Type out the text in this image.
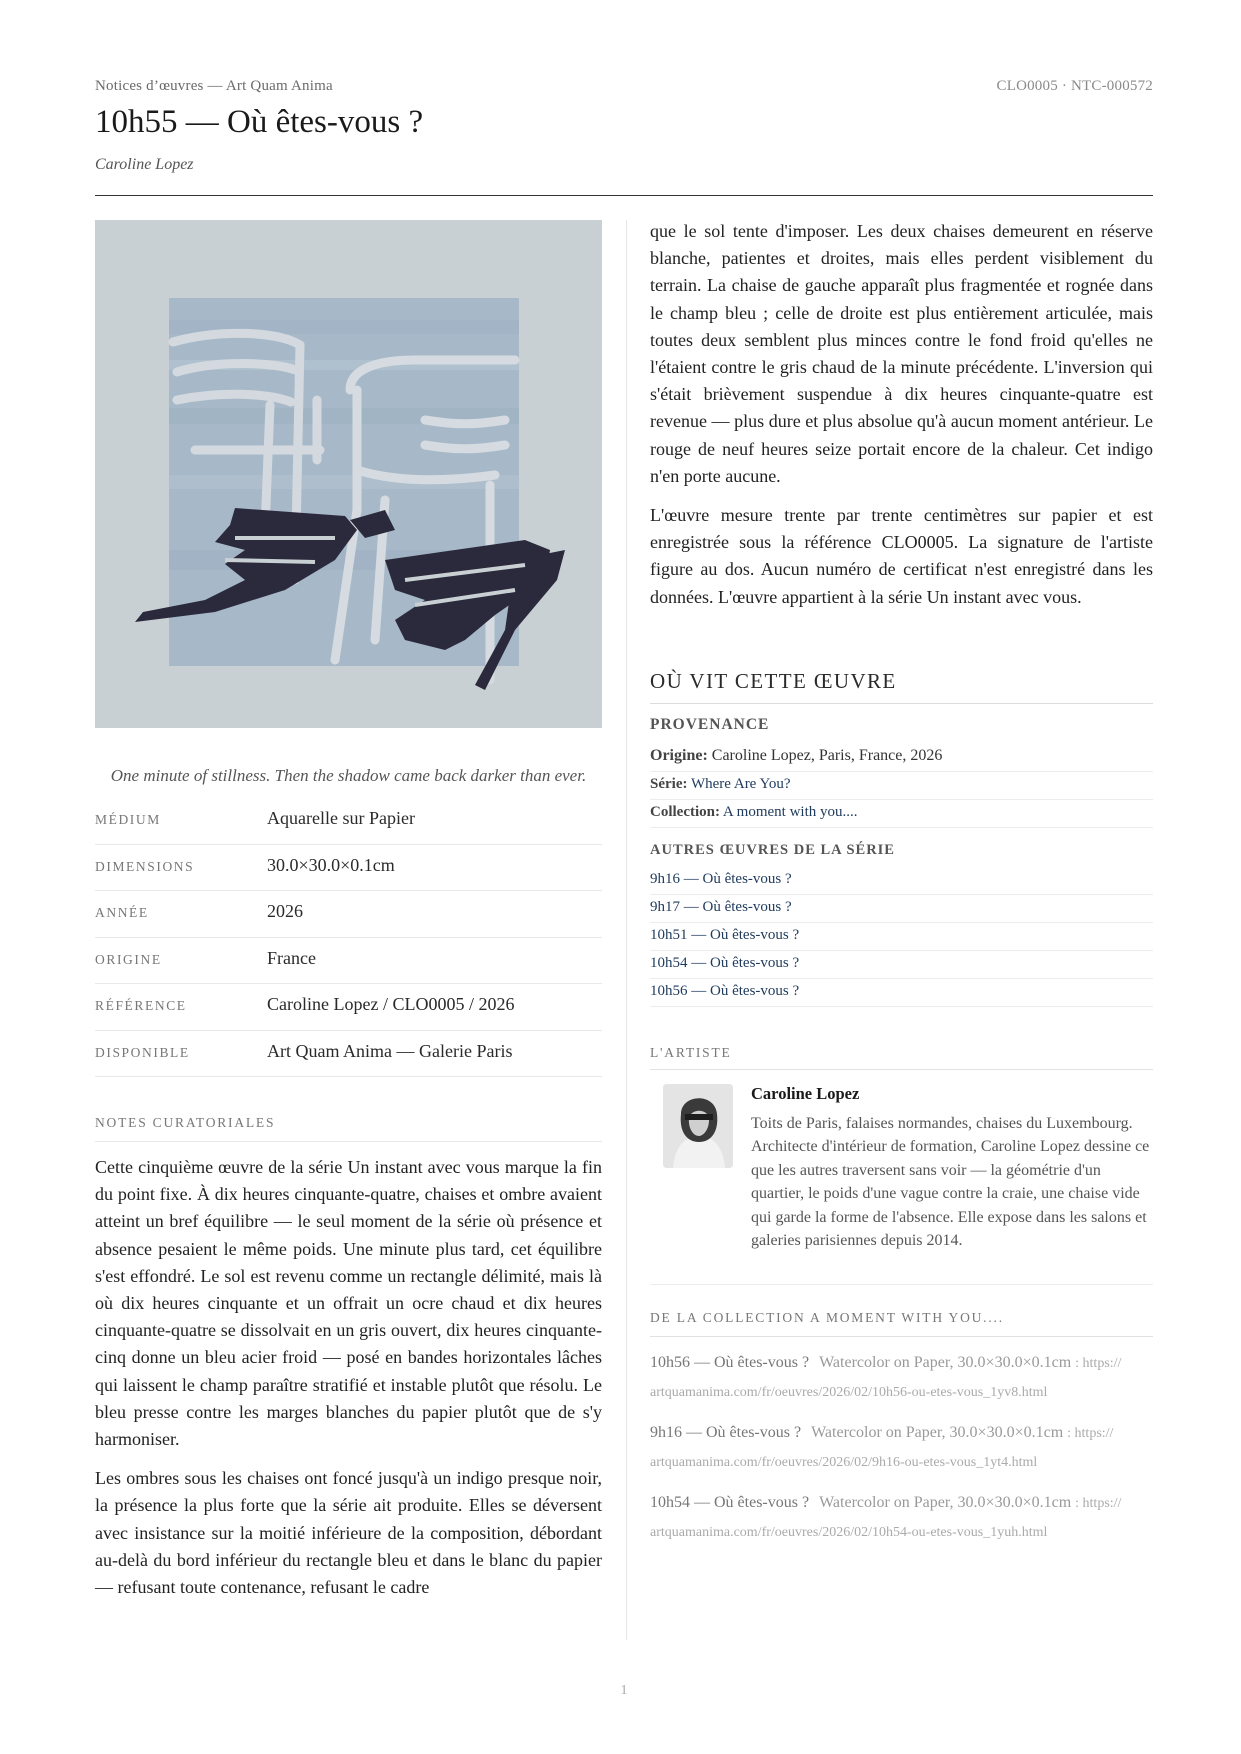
Notices d’œuvres — Art Quam Anima	CLO0005 · NTC-000572
10h55 — Où êtes-vous ?
Caroline Lopez
One minute of stillness. Then the shadow came back darker than ever.
MÉDIUM	Aquarelle sur Papier
DIMENSIONS	30.0×30.0×0.1cm
ANNÉE	2026
ORIGINE	France
RÉFÉRENCE	Caroline Lopez / CLO0005 / 2026
DISPONIBLE	Art Quam Anima — Galerie Paris
NOTES CURATORIALES

Cette cinquième œuvre de la série Un instant avec vous marque la fin du point fixe. À dix heures cinquante-quatre, chaises et ombre avaient atteint un bref équilibre — le seul moment de la série où présence et absence pesaient le même poids. Une minute plus tard, cet équilibre s'est effondré. Le sol est revenu comme un rectangle délimité, mais là où dix heures cinquante et un offrait un ocre chaud et dix heures cinquante-quatre se dissolvait en un gris ouvert, dix heures cinquante-cinq donne un bleu acier froid — posé en bandes horizontales lâches qui laissent le champ paraître stratifié et instable plutôt que résolu. Le bleu presse contre les marges blanches du papier plutôt que de s'y harmoniser.

Les ombres sous les chaises ont foncé jusqu'à un indigo presque noir, la présence la plus forte que la série ait produite. Elles se déversent avec insistance sur la moitié inférieure de la composition, débordant au-delà du bord inférieur du rectangle bleu et dans le blanc du papier — refusant toute contenance, refusant le cadre

que le sol tente d'imposer. Les deux chaises demeurent en réserve blanche, patientes et droites, mais elles perdent visiblement du terrain. La chaise de gauche apparaît plus fragmentée et rognée dans le champ bleu ; celle de droite est plus entièrement articulée, mais toutes deux semblent plus minces contre le fond froid qu'elles ne l'étaient contre le gris chaud de la minute précédente. L'inversion qui s'était brièvement suspendue à dix heures cinquante-quatre est revenue — plus dure et plus absolue qu'à aucun moment antérieur. Le rouge de neuf heures seize portait encore de la chaleur. Cet indigo n'en porte aucune.

L'œuvre mesure trente par trente centimètres sur papier et est enregistrée sous la référence CLO0005. La signature de l'artiste figure au dos. Aucun numéro de certificat n'est enregistré dans les données. L'œuvre appartient à la série Un instant avec vous.

OÙ VIT CETTE ŒUVRE
PROVENANCE
Origine: Caroline Lopez, Paris, France, 2026
Série: Where Are You?
Collection: A moment with you....
AUTRES ŒUVRES DE LA SÉRIE
9h16 — Où êtes-vous ?
9h17 — Où êtes-vous ?
10h51 — Où êtes-vous ?
10h54 — Où êtes-vous ?
10h56 — Où êtes-vous ?
L'ARTISTE
Caroline Lopez

Toits de Paris, falaises normandes, chaises du Luxembourg. Architecte d'intérieur de formation, Caroline Lopez dessine ce que les autres traversent sans voir — la géométrie d'un quartier, le poids d'une vague contre la craie, une chaise vide qui garde la forme de l'absence. Elle expose dans les salons et galeries parisiennes depuis 2014.

DE LA COLLECTION A MOMENT WITH YOU....
10h56 — Où êtes-vous ? Watercolor on Paper, 30.0×30.0×0.1cm : https://
artquamanima.com/fr/oeuvres/2026/02/10h56-ou-etes-vous_1yv8.html
9h16 — Où êtes-vous ? Watercolor on Paper, 30.0×30.0×0.1cm : https://
artquamanima.com/fr/oeuvres/2026/02/9h16-ou-etes-vous_1yt4.html
10h54 — Où êtes-vous ? Watercolor on Paper, 30.0×30.0×0.1cm : https://
artquamanima.com/fr/oeuvres/2026/02/10h54-ou-etes-vous_1yuh.html
1
